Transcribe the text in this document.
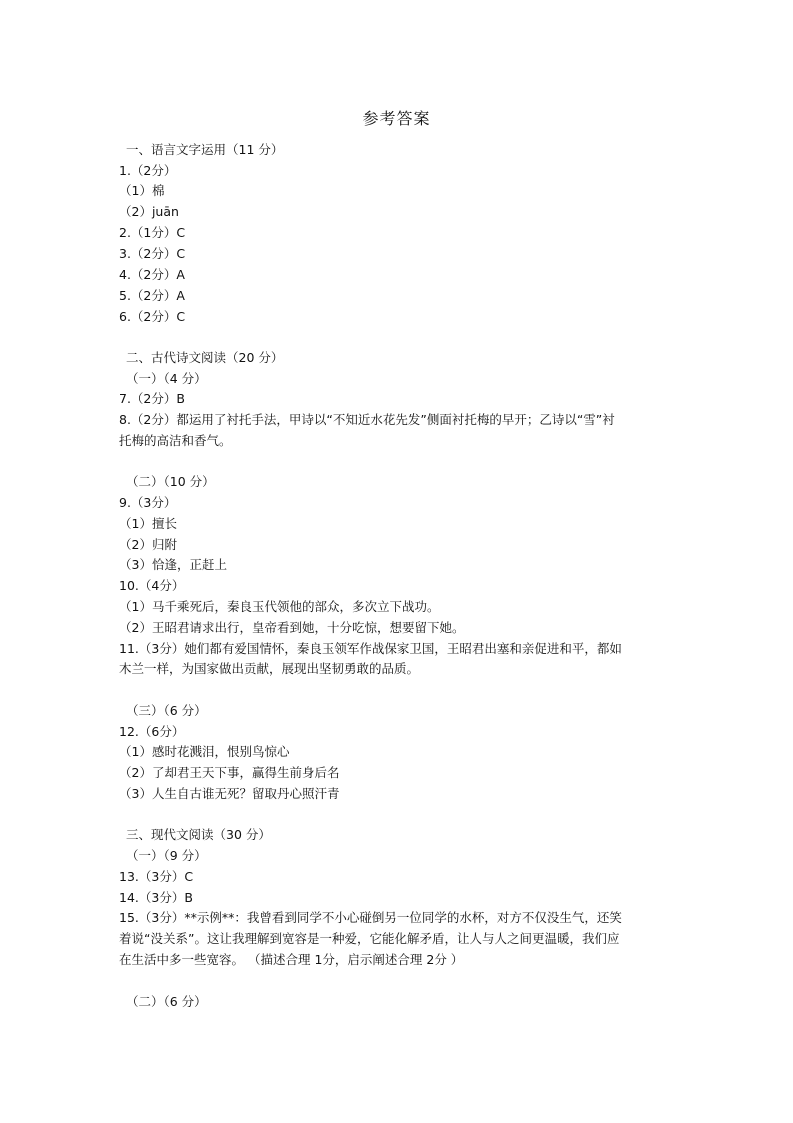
参考答案
一、语言文字运用（11 分）
1.（2分）
（1）棉
（2）juān
2.（1分）C
3.（2分）C
4.（2分）A
5.（2分）A
6.（2分）C
二、古代诗文阅读（20 分）
（一）（4 分）
7.（2分）B
8.（2分）都运用了衬托手法，甲诗以“不知近水花先发”侧面衬托梅的早开；乙诗以“雪”衬
托梅的高洁和香气。
（二）（10 分）
9.（3分）
（1）擅长
（2）归附
（3）恰逢，正赶上
10.（4分）
（1）马千乘死后，秦良玉代领他的部众，多次立下战功。
（2）王昭君请求出行，皇帝看到她，十分吃惊，想要留下她。
11.（3分）她们都有爱国情怀，秦良玉领军作战保家卫国，王昭君出塞和亲促进和平，都如
木兰一样，为国家做出贡献，展现出坚韧勇敢的品质。
（三）（6 分）
12.（6分）
（1）感时花溅泪，恨别鸟惊心
（2）了却君王天下事，赢得生前身后名
（3）人生自古谁无死？留取丹心照汗青
三、现代文阅读（30 分）
（一）（9 分）
13.（3分）C
14.（3分）B
15.（3分）**示例**：我曾看到同学不小心碰倒另一位同学的水杯，对方不仅没生气，还笑
着说“没关系”。这让我理解到宽容是一种爱，它能化解矛盾，让人与人之间更温暖，我们应
在生活中多一些宽容。 （描述合理 1分，启示阐述合理 2分 ）
（二）（6 分）
